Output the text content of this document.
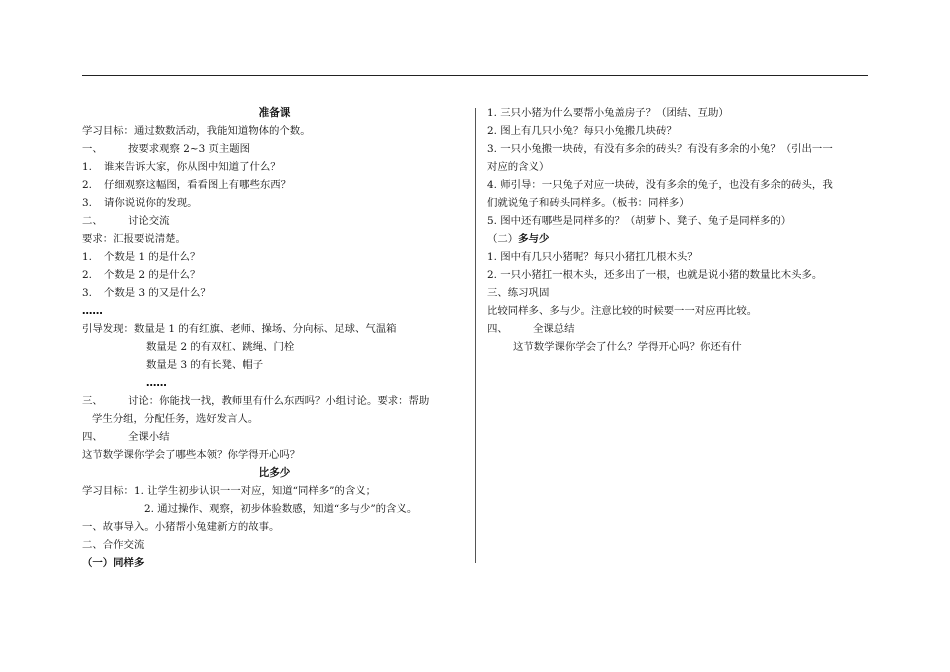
准备课
学习目标：通过数数活动，我能知道物体的个数。
一、 按要求观察 2~3 页主题图
1. 谁来告诉大家，你从图中知道了什么？
2. 仔细观察这幅图，看看图上有哪些东西？
3. 请你说说你的发现。
二、 讨论交流
要求：汇报要说清楚。
1. 个数是 1 的是什么？
2. 个数是 2 的是什么？
3. 个数是 3 的又是什么？
……
引导发现：数量是 1 的有红旗、老师、操场、分向标、足球、气温箱
数量是 2 的有双杠、跳绳、门栓
数量是 3 的有长凳、帽子
……
三、 讨论：你能找一找，教师里有什么东西吗？小组讨论。要求：帮助
学生分组，分配任务，选好发言人。
四、 全课小结
这节数学课你学会了哪些本领？你学得开心吗？
比多少
学习目标：1. 让学生初步认识一一对应，知道“同样多”的含义；
2. 通过操作、观察，初步体验数感，知道“多与少”的含义。
一、故事导入。小猪帮小兔建新方的故事。
二、合作交流
（一）同样多
1. 三只小猪为什么要帮小兔盖房子？（团结、互助）
2. 图上有几只小兔？每只小兔搬几块砖？
3. 一只小兔搬一块砖，有没有多余的砖头？有没有多余的小兔？（引出一一
对应的含义）
4. 师引导：一只兔子对应一块砖，没有多余的兔子，也没有多余的砖头，我
们就说兔子和砖头同样多。（板书：同样多）
5. 图中还有哪些是同样多的？（胡萝卜、凳子、兔子是同样多的）
（二）多与少
1. 图中有几只小猪呢？每只小猪扛几根木头？
2. 一只小猪扛一根木头，还多出了一根，也就是说小猪的数量比木头多。
三、练习巩固
比较同样多、多与少。注意比较的时候要一一对应再比较。
四、 全课总结
这节数学课你学会了什么？学得开心吗？你还有什
